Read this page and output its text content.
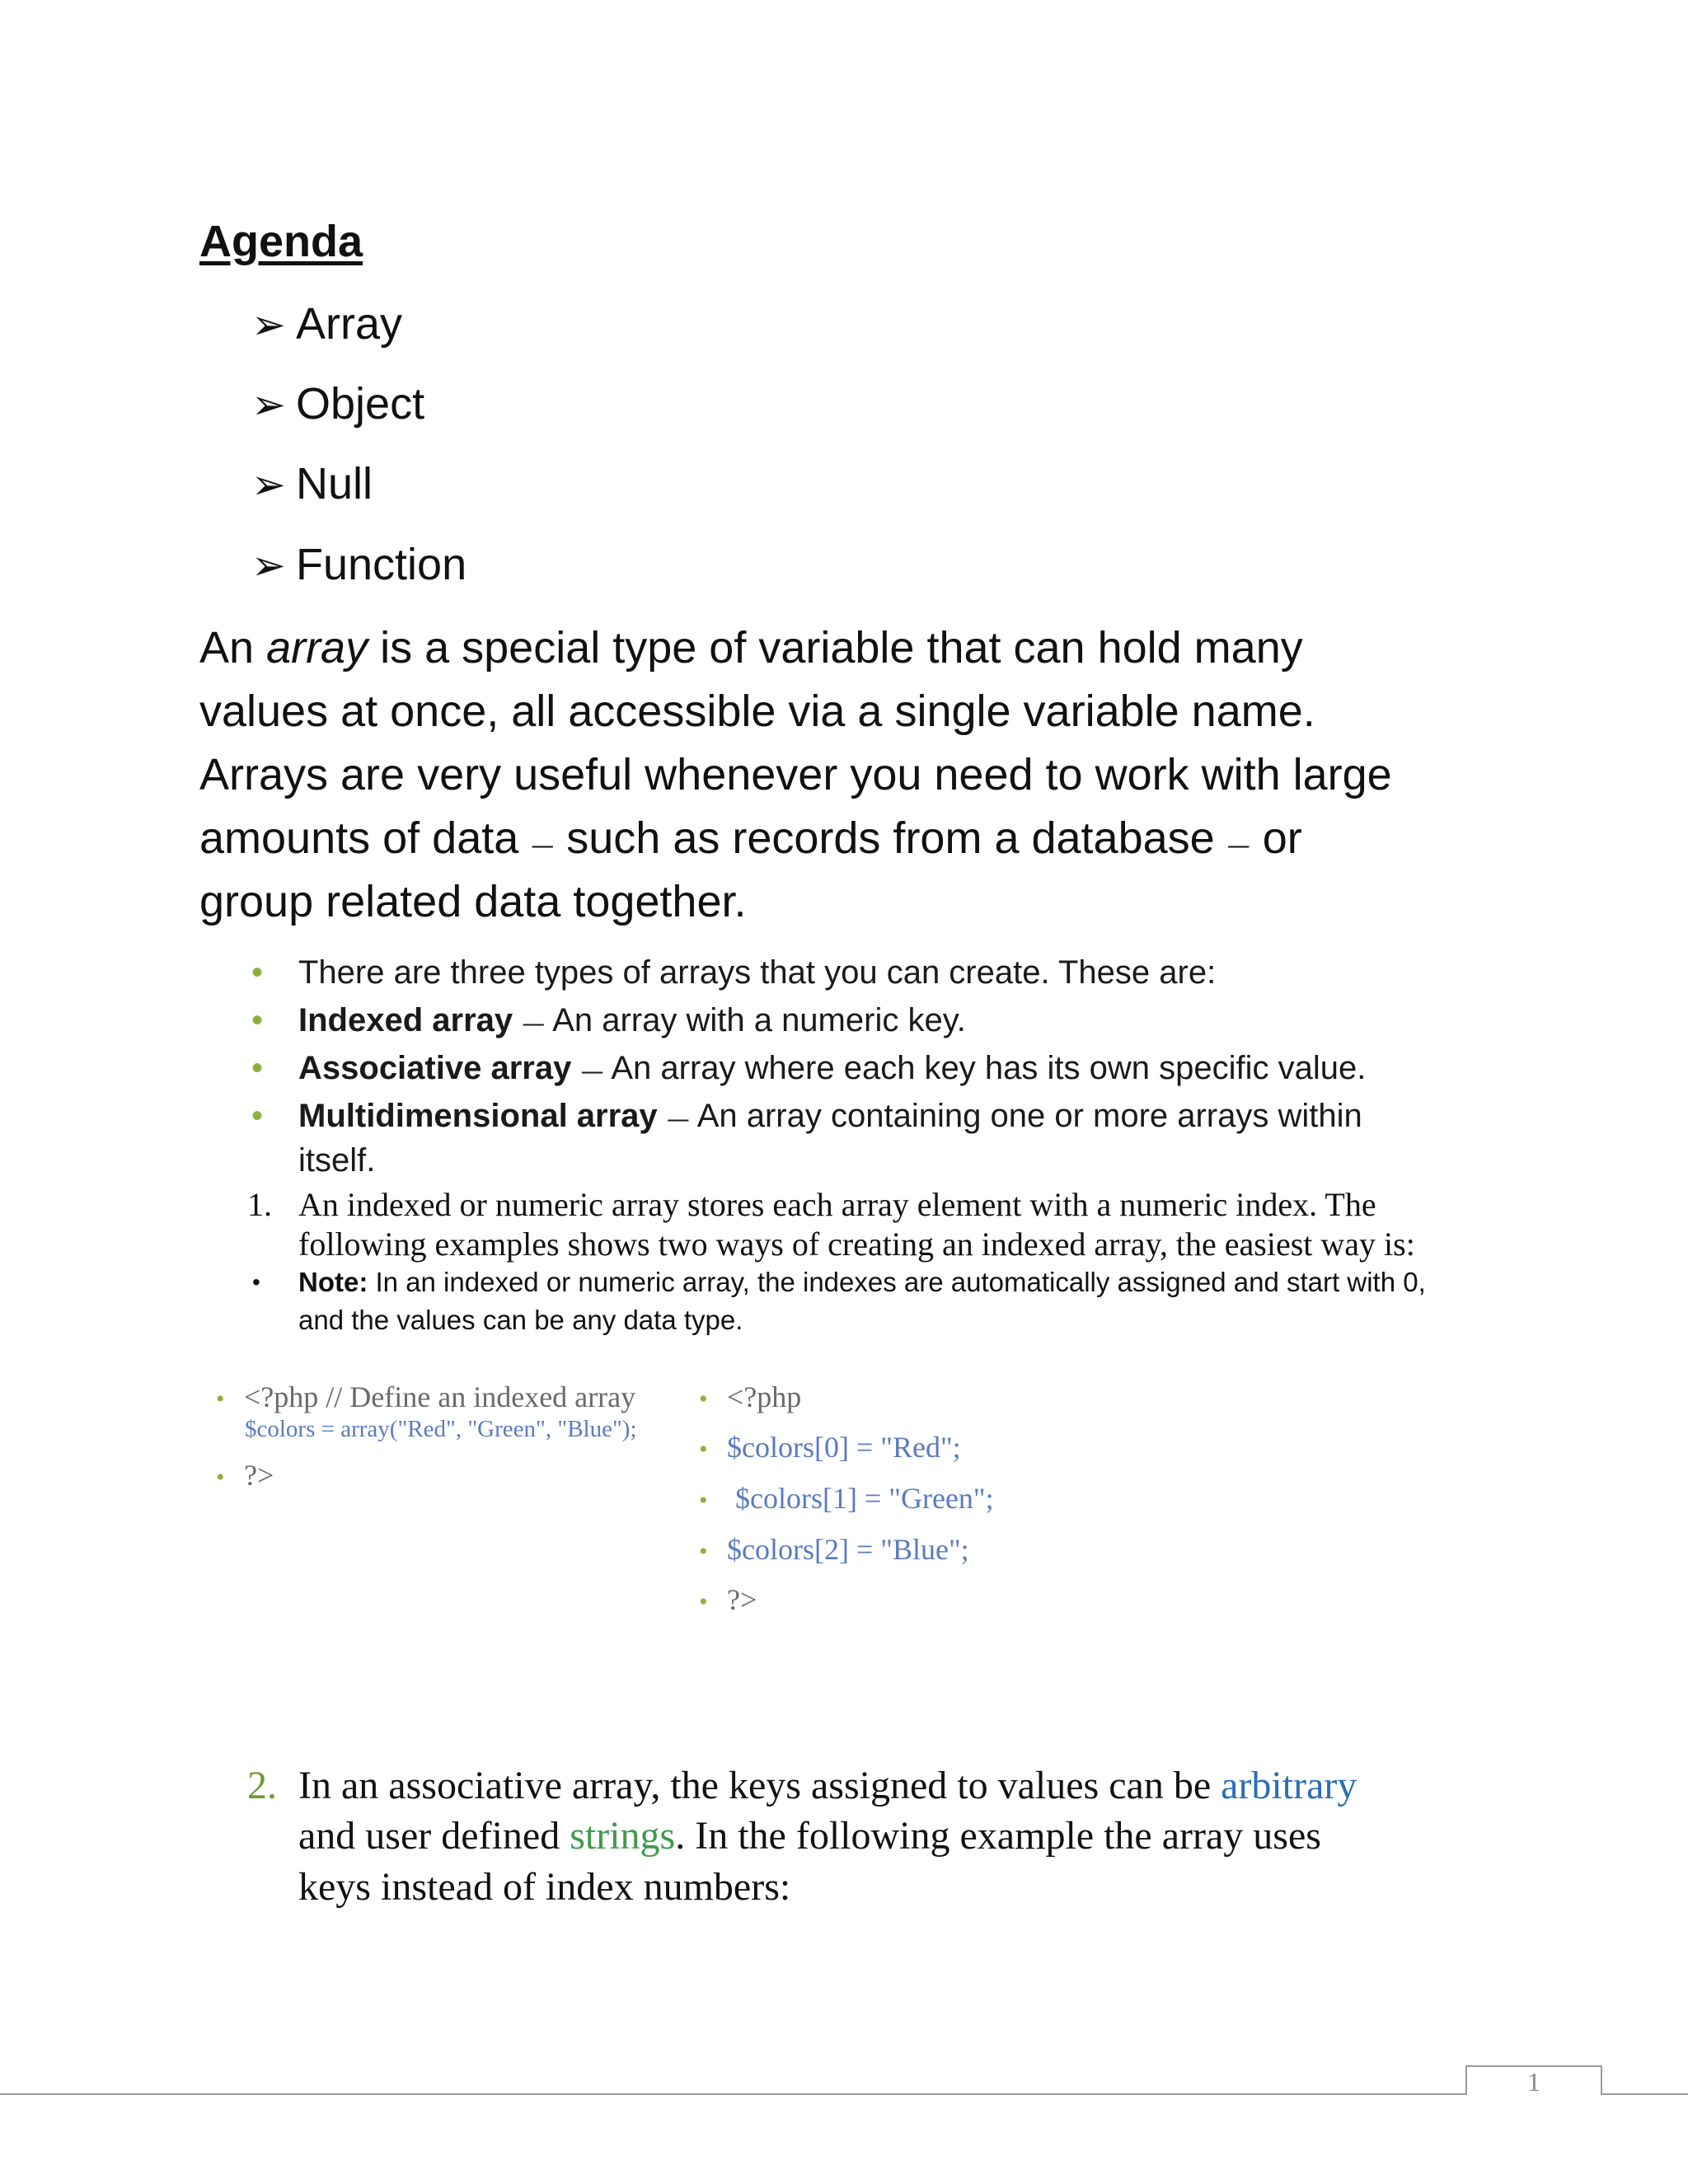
Agenda
➢ Array
➢ Object
➢ Null
➢ Function
An array is a special type of variable that can hold many
values at once, all accessible via a single variable name.
Arrays are very useful whenever you need to work with large
amounts of data — such as records from a database — or
group related data together.
• There are three types of arrays that you can create. These are:
• Indexed array — An array with a numeric key.
• Associative array — An array where each key has its own specific value.
• Multidimensional array — An array containing one or more arrays within
itself.
1. An indexed or numeric array stores each array element with a numeric index. The
following examples shows two ways of creating an indexed array, the easiest way is:
• Note: In an indexed or numeric array, the indexes are automatically assigned and start with 0,
and the values can be any data type.
• <?php // Define an indexed array
$colors = array("Red", "Green", "Blue");
• ?>
• <?php
• $colors[0] = "Red";
• $colors[1] = "Green";
• $colors[2] = "Blue";
• ?>
2. In an associative array, the keys assigned to values can be arbitrary
and user defined strings. In the following example the array uses
keys instead of index numbers:
1
